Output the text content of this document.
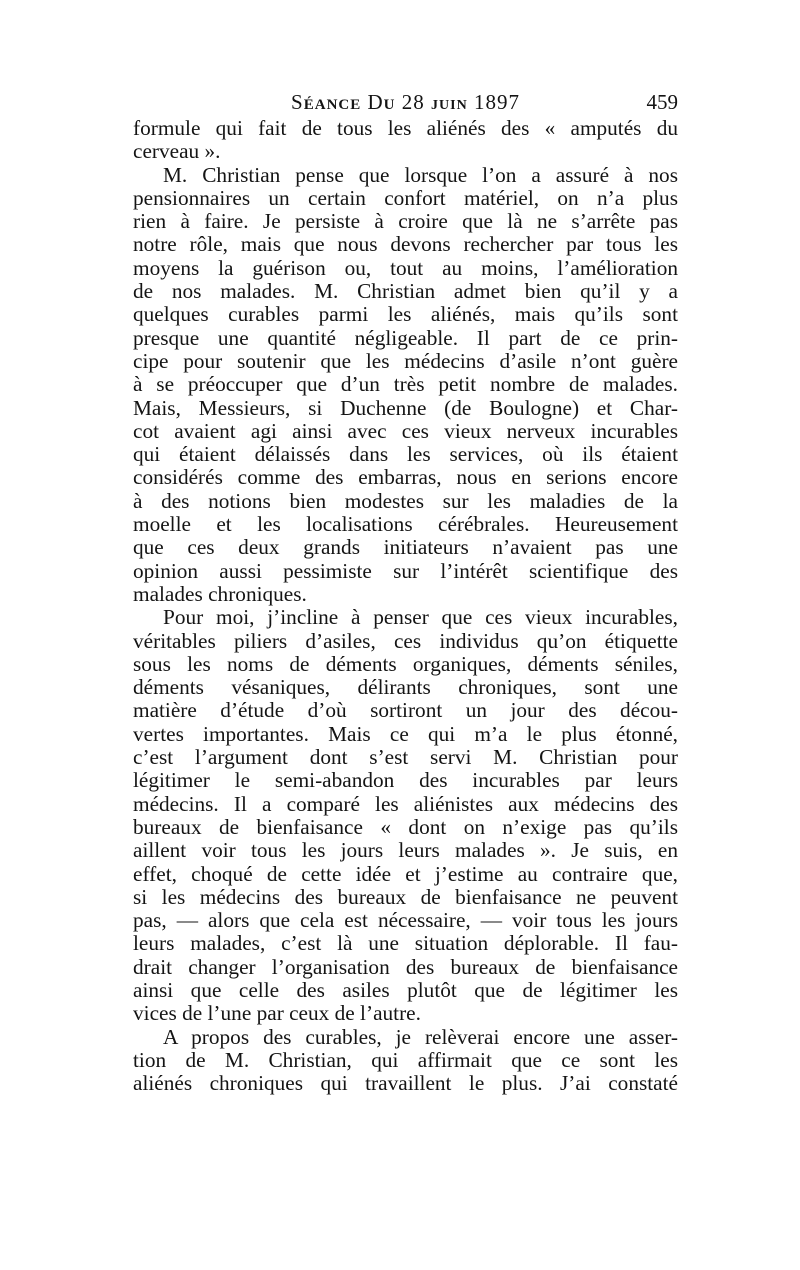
SÉANCE DU 28 JUIN 1897	459
formule qui fait de tous les aliénés des « amputés du
cerveau ».
M. Christian pense que lorsque l’on a assuré à nos
pensionnaires un certain confort matériel, on n’a plus
rien à faire. Je persiste à croire que là ne s’arrête pas
notre rôle, mais que nous devons rechercher par tous les
moyens la guérison ou, tout au moins, l’amélioration
de nos malades. M. Christian admet bien qu’il y a
quelques curables parmi les aliénés, mais qu’ils sont
presque une quantité négligeable. Il part de ce prin-
cipe pour soutenir que les médecins d’asile n’ont guère
à se préoccuper que d’un très petit nombre de malades.
Mais, Messieurs, si Duchenne (de Boulogne) et Char-
cot avaient agi ainsi avec ces vieux nerveux incurables
qui étaient délaissés dans les services, où ils étaient
considérés comme des embarras, nous en serions encore
à des notions bien modestes sur les maladies de la
moelle et les localisations cérébrales. Heureusement
que ces deux grands initiateurs n’avaient pas une
opinion aussi pessimiste sur l’intérêt scientifique des
malades chroniques.
Pour moi, j’incline à penser que ces vieux incurables,
véritables piliers d’asiles, ces individus qu’on étiquette
sous les noms de déments organiques, déments séniles,
déments vésaniques, délirants chroniques, sont une
matière d’étude d’où sortiront un jour des décou-
vertes importantes. Mais ce qui m’a le plus étonné,
c’est l’argument dont s’est servi M. Christian pour
légitimer le semi-abandon des incurables par leurs
médecins. Il a comparé les aliénistes aux médecins des
bureaux de bienfaisance « dont on n’exige pas qu’ils
aillent voir tous les jours leurs malades ». Je suis, en
effet, choqué de cette idée et j’estime au contraire que,
si les médecins des bureaux de bienfaisance ne peuvent
pas, — alors que cela est nécessaire, — voir tous les jours
leurs malades, c’est là une situation déplorable. Il fau-
drait changer l’organisation des bureaux de bienfaisance
ainsi que celle des asiles plutôt que de légitimer les
vices de l’une par ceux de l’autre.
A propos des curables, je relèverai encore une asser-
tion de M. Christian, qui affirmait que ce sont les
aliénés chroniques qui travaillent le plus. J’ai constaté
